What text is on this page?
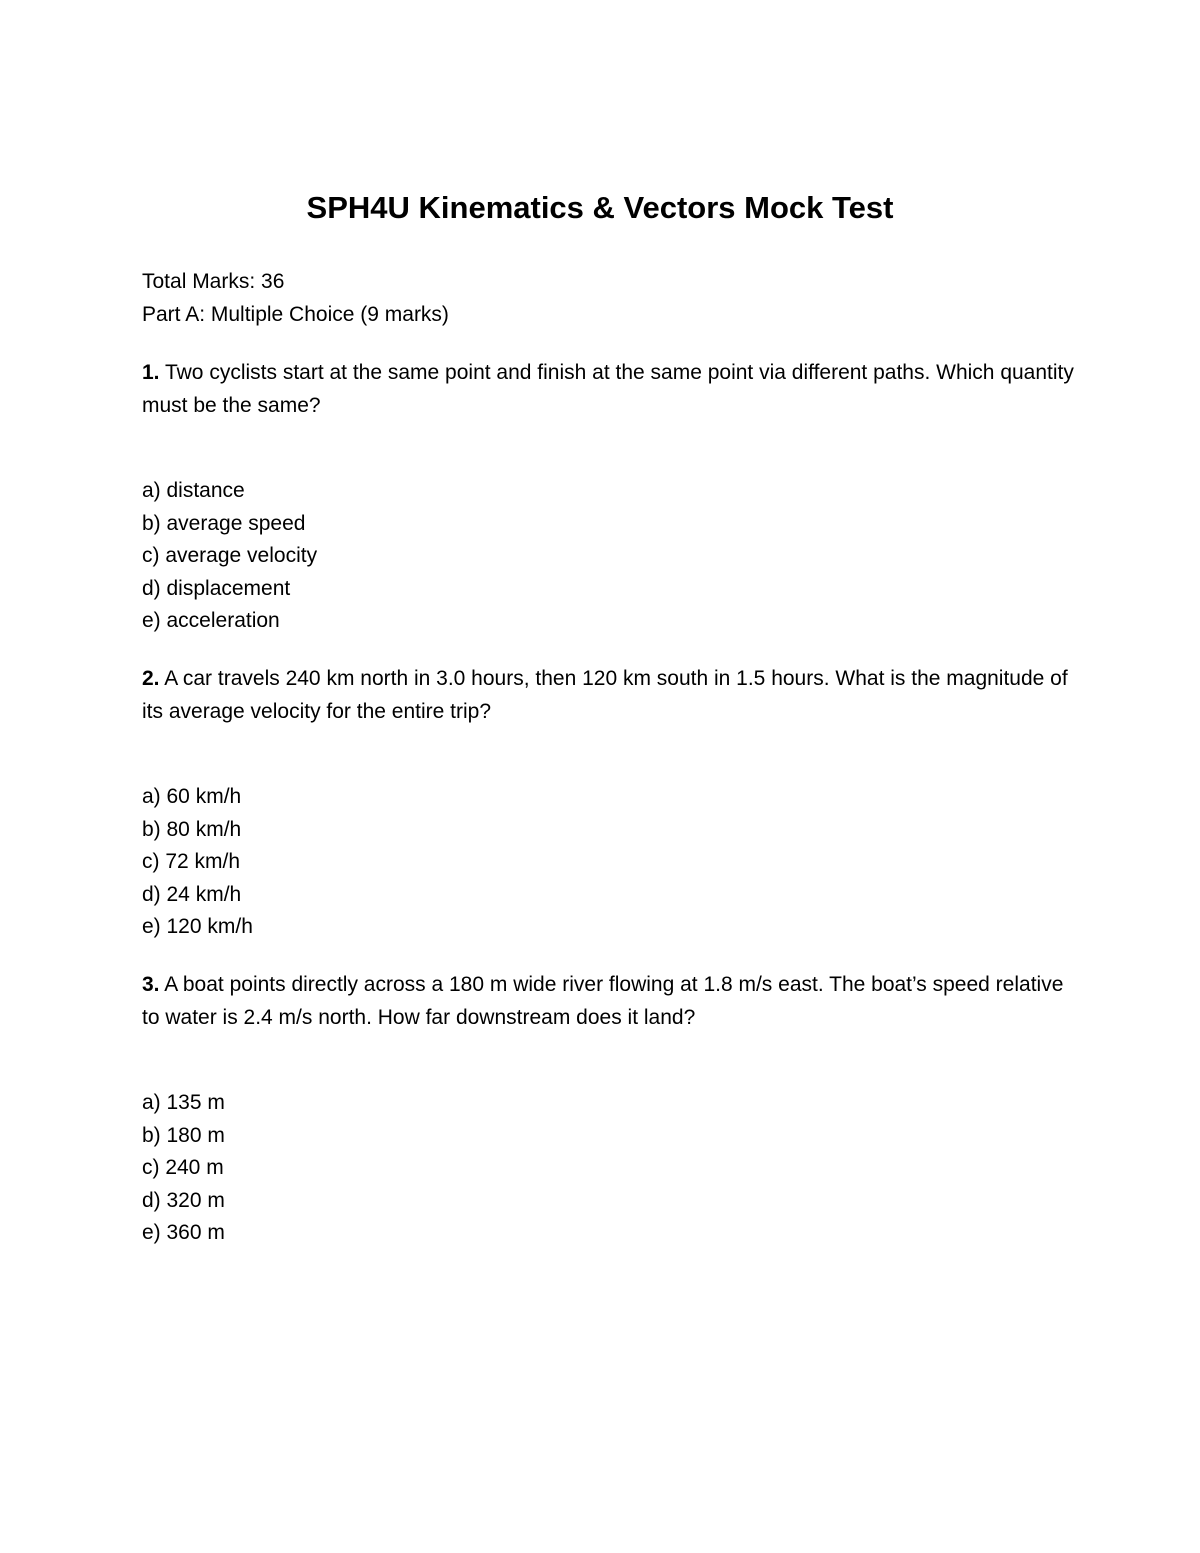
SPH4U Kinematics & Vectors Mock Test
Total Marks: 36
Part A: Multiple Choice (9 marks)

1. Two cyclists start at the same point and finish at the same point via different paths. Which quantity must be the same?

a) distance
b) average speed
c) average velocity
d) displacement
e) acceleration

2. A car travels 240 km north in 3.0 hours, then 120 km south in 1.5 hours. What is the magnitude of its average velocity for the entire trip?

a) 60 km/h
b) 80 km/h
c) 72 km/h
d) 24 km/h
e) 120 km/h

3. A boat points directly across a 180 m wide river flowing at 1.8 m/s east. The boat’s speed relative to water is 2.4 m/s north. How far downstream does it land?

a) 135 m
b) 180 m
c) 240 m
d) 320 m
e) 360 m
